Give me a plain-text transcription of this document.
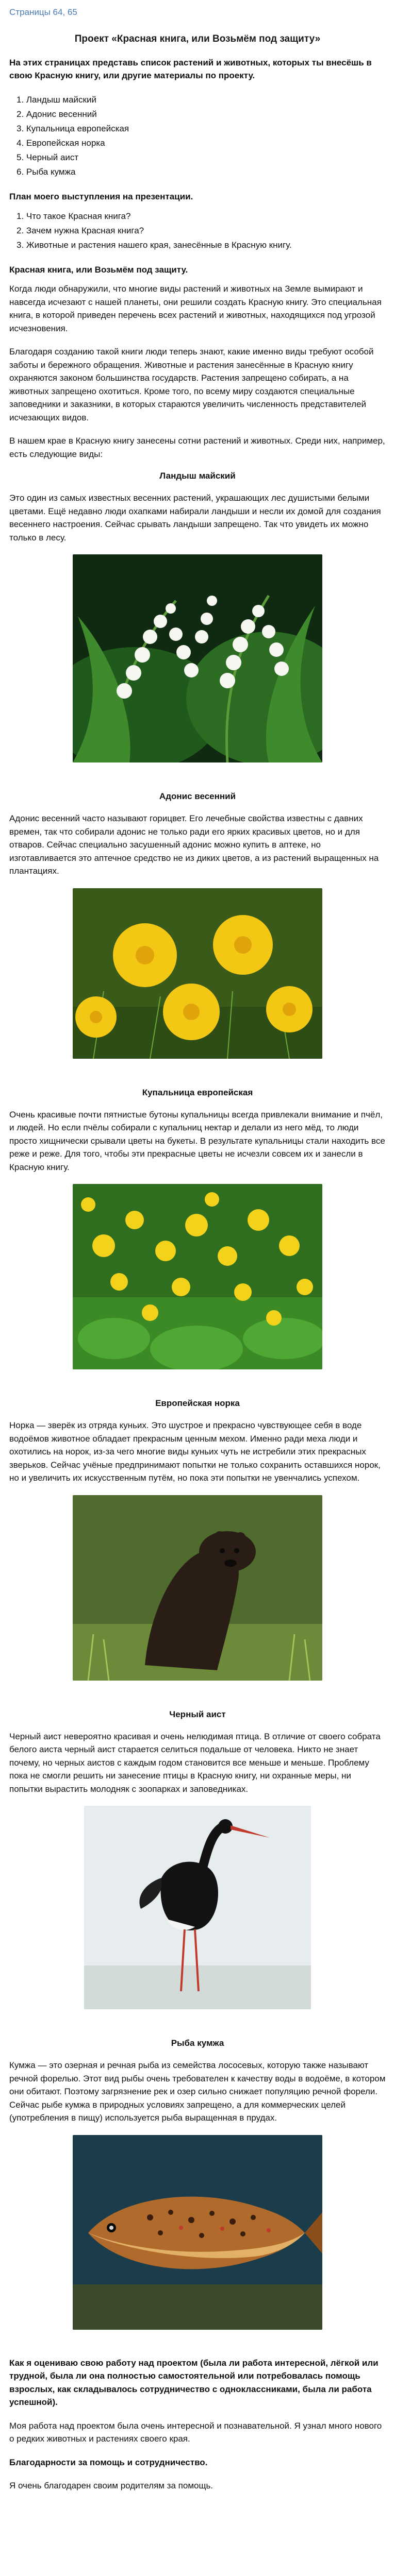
Страницы 64, 65
Проект «Красная книга, или Возьмём под защиту»
На этих страницах представь список растений и животных, которых ты внесёшь в свою Красную книгу, или другие материалы по проекту.
1. Ландыш майский
2. Адонис весенний
3. Купальница европейская
4. Европейская норка
5. Черный аист
6. Рыба кумжа
План моего выступления на презентации.
1. Что такое Красная книга?
2. Зачем нужна Красная книга?
3. Животные и растения нашего края, занесённые в Красную книгу.
Красная книга, или Возьмём под защиту.
Когда люди обнаружили, что многие виды растений и животных на Земле вымирают и навсегда исчезают с нашей планеты, они решили создать Красную книгу. Это специальная книга, в которой приведен перечень всех растений и животных, находящихся под угрозой исчезновения.
Благодаря созданию такой книги люди теперь знают, какие именно виды требуют особой заботы и бережного обращения. Животные и растения занесённые в Красную книгу охраняются законом большинства государств. Растения запрещено собирать, а на животных запрещено охотиться. Кроме того, по всему миру создаются специальные заповедники и заказники, в которых стараются увеличить численность представителей исчезающих видов.
В нашем крае в Красную книгу занесены сотни растений и животных. Среди них, например, есть следующие виды:
Ландыш майский
Это один из самых известных весенних растений, украшающих лес душистыми белыми цветами. Ещё недавно люди охапками набирали ландыши и несли их домой для создания весеннего настроения. Сейчас срывать ландыши запрещено. Так что увидеть их можно только в лесу.
Адонис весенний
Адонис весенний часто называют горицвет. Его лечебные свойства известны с давних времен, так что собирали адонис не только ради его ярких красивых цветов, но и для отваров. Сейчас специально засушенный адонис можно купить в аптеке, но изготавливается это аптечное средство не из диких цветов, а из растений выращенных на плантациях.
Купальница европейская
Очень красивые почти пятнистые бутоны купальницы всегда привлекали внимание и пчёл, и людей. Но если пчёлы собирали с купальниц нектар и делали из него мёд, то люди просто хищнически срывали цветы на букеты. В результате купальницы стали находить все реже и реже. Для того, чтобы эти прекрасные цветы не исчезли совсем их и занесли в Красную книгу.
Европейская норка
Норка — зверёк из отряда куньих. Это шустрое и прекрасно чувствующее себя в воде водоёмов животное обладает прекрасным ценным мехом. Именно ради меха люди и охотились на норок, из-за чего многие виды куньих чуть не истребили этих прекрасных зверьков. Сейчас учёные предпринимают попытки не только сохранить оставшихся норок, но и увеличить их искусственным путём, но пока эти попытки не увенчались успехом.
Черный аист
Черный аист невероятно красивая и очень нелюдимая птица. В отличие от своего собрата белого аиста черный аист старается селиться подальше от человека. Никто не знает почему, но черных аистов с каждым годом становится все меньше и меньше. Проблему пока не смогли решить ни занесение птицы в Красную книгу, ни охранные меры, ни попытки вырастить молодняк с зоопарках и заповедниках.
Рыба кумжа
Кумжа — это озерная и речная рыба из семейства лососевых, которую также называют речной форелью. Этот вид рыбы очень требователен к качеству воды в водоёме, в котором они обитают. Поэтому загрязнение рек и озер сильно снижает популяцию речной форели. Сейчас рыбе кумжа в природных условиях запрещено, а для коммерческих целей (употребления в пищу) используется рыба выращенная в прудах.
Как я оцениваю свою работу над проектом (была ли работа интересной, лёгкой или трудной, была ли она полностью самостоятельной или потребовалась помощь взрослых, как складывалось сотрудничество с одноклассниками, была ли работа успешной).
Моя работа над проектом была очень интересной и познавательной. Я узнал много нового о редких животных и растениях своего края.
Благодарности за помощь и сотрудничество.
Я очень благодарен своим родителям за помощь.
